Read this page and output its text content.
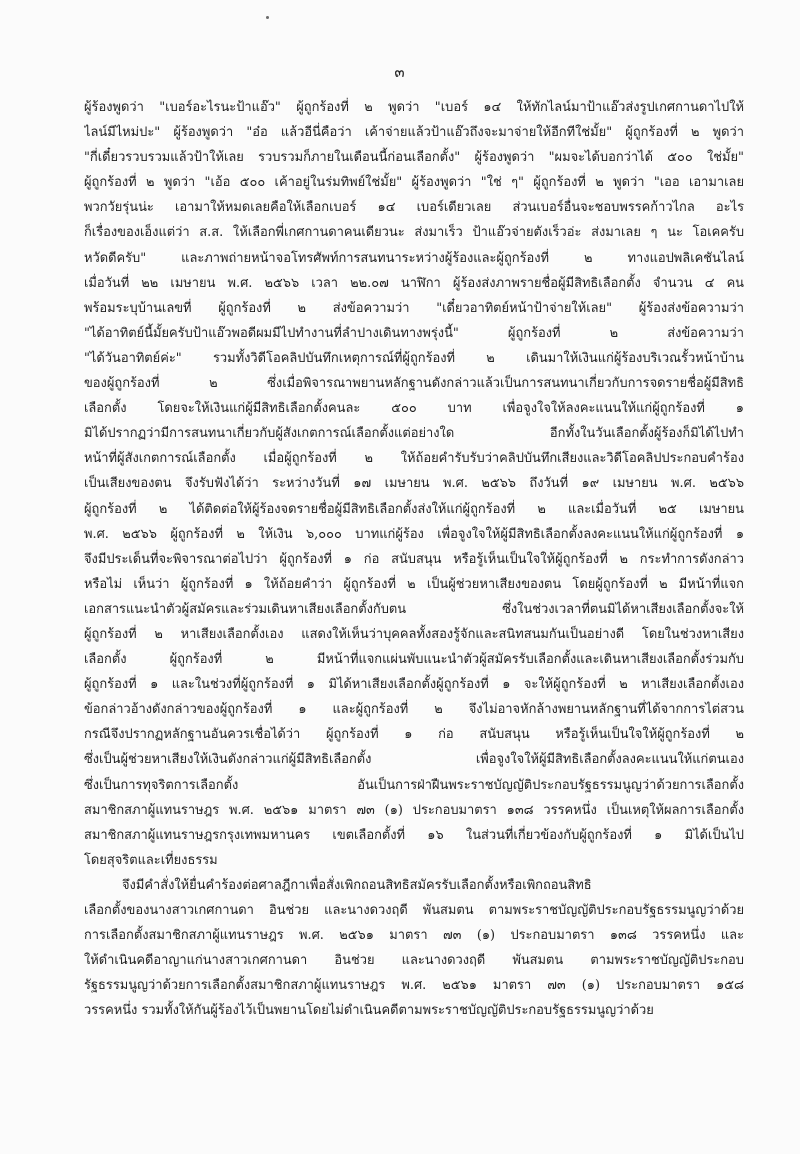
๓
ผู้ร้องพูดว่า "เบอร์อะไรนะป้าแอ๊ว" ผู้ถูกร้องที่ ๒ พูดว่า "เบอร์ ๑๔ ให้ทักไลน์มาป้าแอ๊วส่งรูปเกศกานดาไปให้
ไลน์มีไหม่ปะ" ผู้ร้องพูดว่า "อ๋อ แล้วอีนี่คือว่า เค้าจ่ายแล้วป้าแอ๊วถึงจะมาจ่ายให้อีกทีใช่มั้ย" ผู้ถูกร้องที่ ๒ พูดว่า
"กี่เดี๋ยวรวบรวมแล้วป้าให้เลย รวบรวมก็ภายในเดือนนี้ก่อนเลือกตั้ง" ผู้ร้องพูดว่า "ผมจะได้บอกว่าได้ ๕๐๐ ใช่มั้ย"
ผู้ถูกร้องที่ ๒ พูดว่า "เอ้อ ๕๐๐ เค้าอยู่ในร่มทิพย์ใช่มั้ย" ผู้ร้องพูดว่า "ใช่ ๆ" ผู้ถูกร้องที่ ๒ พูดว่า "เออ เอามาเลย
พวกวัยรุ่นน่ะ เอามาให้หมดเลยคือให้เลือกเบอร์ ๑๔ เบอร์เดียวเลย ส่วนเบอร์อื่นจะชอบพรรคก้าวไกล อะไร
ก็เรื่องของเอ็งแต่ว่า ส.ส. ให้เลือกพี่เกศกานดาคนเดียวนะ ส่งมาเร็ว ป้าแอ๊วจ่ายตังเร็วอ่ะ ส่งมาเลย ๆ นะ โอเคครับ
หวัดดีครับ" และภาพถ่ายหน้าจอโทรศัพท์การสนทนาระหว่างผู้ร้องและผู้ถูกร้องที่ ๒ ทางแอปพลิเคชันไลน์
เมื่อวันที่ ๒๒ เมษายน พ.ศ. ๒๕๖๖ เวลา ๒๒.๐๗ นาฬิกา ผู้ร้องส่งภาพรายชื่อผู้มีสิทธิเลือกตั้ง จำนวน ๔ คน
พร้อมระบุบ้านเลขที่ ผู้ถูกร้องที่ ๒ ส่งข้อความว่า "เดี๋ยวอาทิตย์หน้าป้าจ่ายให้เลย" ผู้ร้องส่งข้อความว่า
"ได้อาทิตย์นี้มั้ยครับป้าแอ๊วพอดีผมมีไปทำงานที่ลำปางเดินทางพรุ่งนี้" ผู้ถูกร้องที่ ๒ ส่งข้อความว่า
"ได้วันอาทิตย์ค่ะ" รวมทั้งวิดีโอคลิปบันทึกเหตุการณ์ที่ผู้ถูกร้องที่ ๒ เดินมาให้เงินแก่ผู้ร้องบริเวณรั้วหน้าบ้าน
ของผู้ถูกร้องที่ ๒ ซึ่งเมื่อพิจารณาพยานหลักฐานดังกล่าวแล้วเป็นการสนทนาเกี่ยวกับการจดรายชื่อผู้มีสิทธิ
เลือกตั้ง โดยจะให้เงินแก่ผู้มีสิทธิเลือกตั้งคนละ ๕๐๐ บาท เพื่อจูงใจให้ลงคะแนนให้แก่ผู้ถูกร้องที่ ๑
มิได้ปรากฏว่ามีการสนทนาเกี่ยวกับผู้สังเกตการณ์เลือกตั้งแต่อย่างใด อีกทั้งในวันเลือกตั้งผู้ร้องก็มิได้ไปทำ
หน้าที่ผู้สังเกตการณ์เลือกตั้ง เมื่อผู้ถูกร้องที่ ๒ ให้ถ้อยคำรับรับว่าคลิปบันทึกเสียงและวิดีโอคลิปประกอบคำร้อง
เป็นเสียงของตน จึงรับฟังได้ว่า ระหว่างวันที่ ๑๗ เมษายน พ.ศ. ๒๕๖๖ ถึงวันที่ ๑๙ เมษายน พ.ศ. ๒๕๖๖
ผู้ถูกร้องที่ ๒ ได้ติดต่อให้ผู้ร้องจดรายชื่อผู้มีสิทธิเลือกตั้งส่งให้แก่ผู้ถูกร้องที่ ๒ และเมื่อวันที่ ๒๕ เมษายน
พ.ศ. ๒๕๖๖ ผู้ถูกร้องที่ ๒ ให้เงิน ๖,๐๐๐ บาทแก่ผู้ร้อง เพื่อจูงใจให้ผู้มีสิทธิเลือกตั้งลงคะแนนให้แก่ผู้ถูกร้องที่ ๑
จึงมีประเด็นที่จะพิจารณาต่อไปว่า ผู้ถูกร้องที่ ๑ ก่อ สนับสนุน หรือรู้เห็นเป็นใจให้ผู้ถูกร้องที่ ๒ กระทำการดังกล่าว
หรือไม่ เห็นว่า ผู้ถูกร้องที่ ๑ ให้ถ้อยคำว่า ผู้ถูกร้องที่ ๒ เป็นผู้ช่วยหาเสียงของตน โดยผู้ถูกร้องที่ ๒ มีหน้าที่แจก
เอกสารแนะนำตัวผู้สมัครและร่วมเดินหาเสียงเลือกตั้งกับตน ซึ่งในช่วงเวลาที่ตนมิได้หาเสียงเลือกตั้งจะให้
ผู้ถูกร้องที่ ๒ หาเสียงเลือกตั้งเอง แสดงให้เห็นว่าบุคคลทั้งสองรู้จักและสนิทสนมกันเป็นอย่างดี โดยในช่วงหาเสียง
เลือกตั้ง ผู้ถูกร้องที่ ๒ มีหน้าที่แจกแผ่นพับแนะนำตัวผู้สมัครรับเลือกตั้งและเดินหาเสียงเลือกตั้งร่วมกับ
ผู้ถูกร้องที่ ๑ และในช่วงที่ผู้ถูกร้องที่ ๑ มิได้หาเสียงเลือกตั้งผู้ถูกร้องที่ ๑ จะให้ผู้ถูกร้องที่ ๒ หาเสียงเลือกตั้งเอง
ข้อกล่าวอ้างดังกล่าวของผู้ถูกร้องที่ ๑ และผู้ถูกร้องที่ ๒ จึงไม่อาจหักล้างพยานหลักฐานที่ได้จากการไต่สวน
กรณีจึงปรากฏหลักฐานอันควรเชื่อได้ว่า ผู้ถูกร้องที่ ๑ ก่อ สนับสนุน หรือรู้เห็นเป็นใจให้ผู้ถูกร้องที่ ๒
ซึ่งเป็นผู้ช่วยหาเสียงให้เงินดังกล่าวแก่ผู้มีสิทธิเลือกตั้ง เพื่อจูงใจให้ผู้มีสิทธิเลือกตั้งลงคะแนนให้แก่ตนเอง
ซึ่งเป็นการทุจริตการเลือกตั้ง อันเป็นการฝ่าฝืนพระราชบัญญัติประกอบรัฐธรรมนูญว่าด้วยการเลือกตั้ง
สมาชิกสภาผู้แทนราษฎร พ.ศ. ๒๕๖๑ มาตรา ๗๓ (๑) ประกอบมาตรา ๑๓๘ วรรคหนึ่ง เป็นเหตุให้ผลการเลือกตั้ง
สมาชิกสภาผู้แทนราษฎรกรุงเทพมหานคร เขตเลือกตั้งที่ ๑๖ ในส่วนที่เกี่ยวข้องกับผู้ถูกร้องที่ ๑ มิได้เป็นไป
โดยสุจริตและเที่ยงธรรม
จึงมีคำสั่งให้ยื่นคำร้องต่อศาลฎีกาเพื่อสั่งเพิกถอนสิทธิสมัครรับเลือกตั้งหรือเพิกถอนสิทธิ
เลือกตั้งของนางสาวเกศกานดา อินช่วย และนางดวงฤดี พันสมตน ตามพระราชบัญญัติประกอบรัฐธรรมนูญว่าด้วย
การเลือกตั้งสมาชิกสภาผู้แทนราษฎร พ.ศ. ๒๕๖๑ มาตรา ๗๓ (๑) ประกอบมาตรา ๑๓๘ วรรคหนึ่ง และ
ให้ดำเนินคดีอาญาแก่นางสาวเกศกานดา อินช่วย และนางดวงฤดี พันสมตน ตามพระราชบัญญัติประกอบ
รัฐธรรมนูญว่าด้วยการเลือกตั้งสมาชิกสภาผู้แทนราษฎร พ.ศ. ๒๕๖๑ มาตรา ๗๓ (๑) ประกอบมาตรา ๑๕๘
วรรคหนึ่ง รวมทั้งให้กันผู้ร้องไว้เป็นพยานโดยไม่ดำเนินคดีตามพระราชบัญญัติประกอบรัฐธรรมนูญว่าด้วย
